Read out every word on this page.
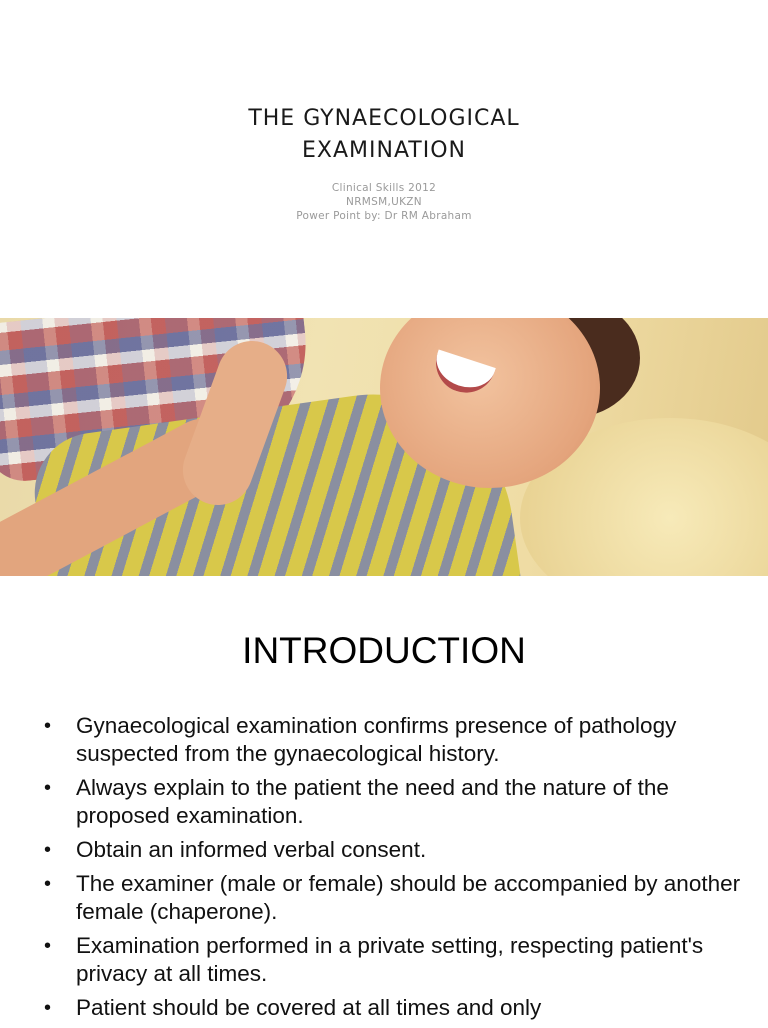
THE GYNAECOLOGICAL
EXAMINATION
Clinical Skills 2012
NRMSM,UKZN
Power Point by: Dr RM Abraham
INTRODUCTION
• Gynaecological examination confirms presence of pathology suspected from the gynaecological history.
• Always explain to the patient the need and the nature of the proposed examination.
• Obtain an informed verbal consent.
• The examiner (male or female) should be accompanied by another female (chaperone).
• Examination performed in a private setting, respecting patient's privacy at all times.
• Patient should be covered at all times and only
